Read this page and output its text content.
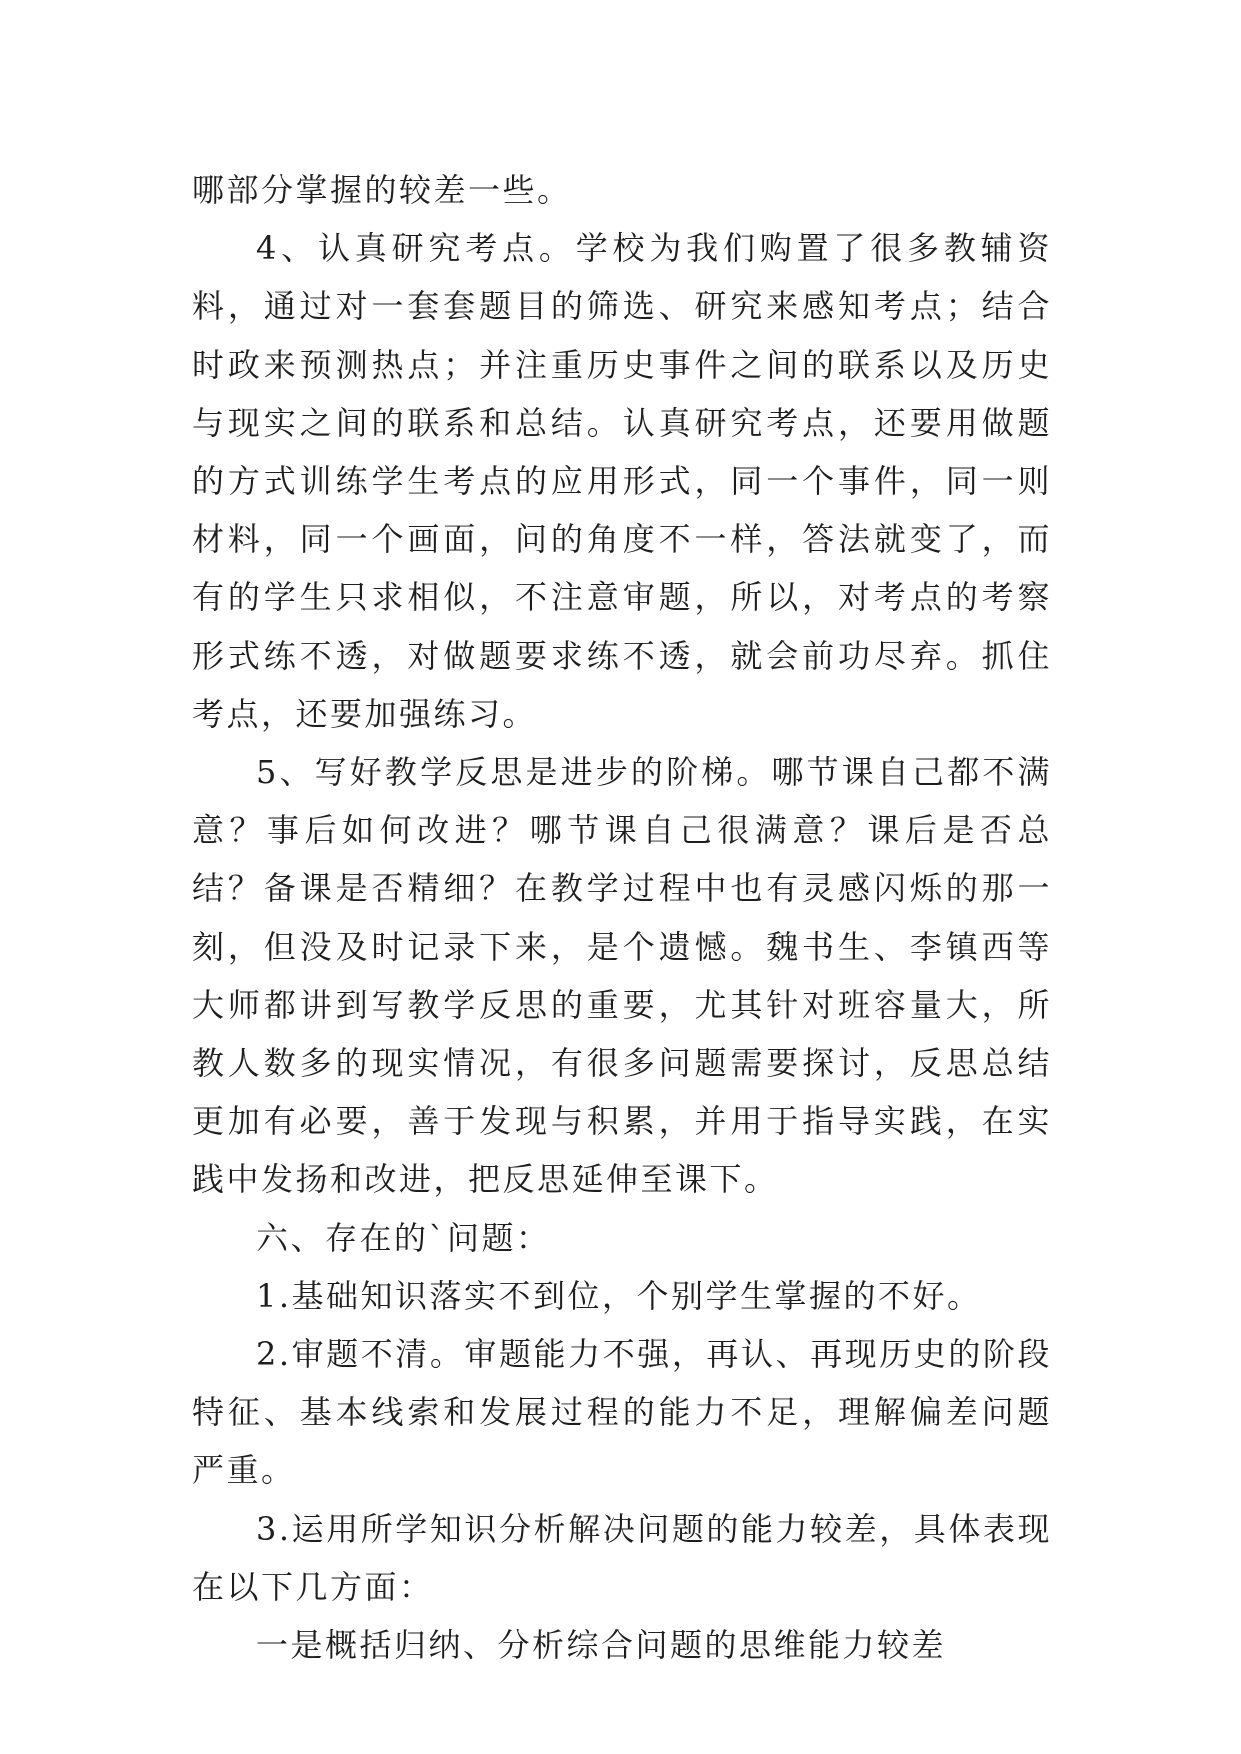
哪部分掌握的较差一些。

4、认真研究考点。学校为我们购置了很多教辅资料，通过对一套套题目的筛选、研究来感知考点；结合时政来预测热点；并注重历史事件之间的联系以及历史与现实之间的联系和总结。认真研究考点，还要用做题的方式训练学生考点的应用形式，同一个事件，同一则材料，同一个画面，问的角度不一样，答法就变了，而有的学生只求相似，不注意审题，所以，对考点的考察形式练不透，对做题要求练不透，就会前功尽弃。抓住考点，还要加强练习。

5、写好教学反思是进步的阶梯。哪节课自己都不满意？事后如何改进？哪节课自己很满意？课后是否总结？备课是否精细？在教学过程中也有灵感闪烁的那一刻，但没及时记录下来，是个遗憾。魏书生、李镇西等大师都讲到写教学反思的重要，尤其针对班容量大，所教人数多的现实情况，有很多问题需要探讨，反思总结更加有必要，善于发现与积累，并用于指导实践，在实践中发扬和改进，把反思延伸至课下。

六、存在的`问题：

1.基础知识落实不到位，个别学生掌握的不好。

2.审题不清。审题能力不强，再认、再现历史的阶段特征、基本线索和发展过程的能力不足，理解偏差问题严重。

3.运用所学知识分析解决问题的能力较差，具体表现在以下几方面：

一是概括归纳、分析综合问题的思维能力较差
